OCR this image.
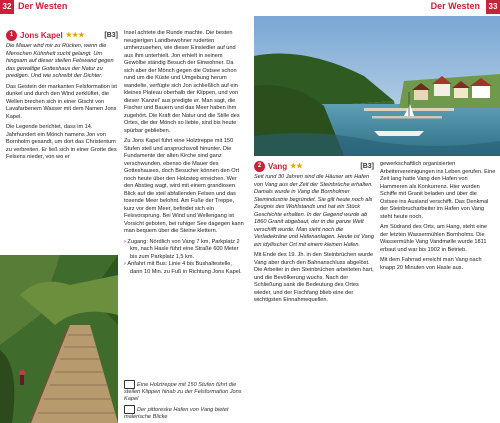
32 Der Westen	Der Westen	33
1 Jons Kapel ★★★	[B3]

Die Mauer wird mir zu Rücken, wenn die Menschen Kühnheit sucht gelangt. Um hingsam auf dieser steilen Felswand gegen das gewaltige Gotteshaus der Natur zu predigen. Und wie schreibt der Dichter.

Das Gestein der markanten Felsformation ist dunkel und durch den Wind zerklüftet, die Wellen brechen sich in einer Gischt von Lavafarbenem Wasser mit dem Namen Jons Kapel.

Die Legende berichtet, dass im 14. Jahrhundert ein Mönch namens Jon von Bornholm gesandt, um dort das Christentum zu verbreiten. Er ließ sich in einer Grotte des Felsens nieder, von wo er

Insel achtete die Runde machte. Die besten neugierigen Landbewohner ruderten umherzusehen, wie dieser Einsiedler auf und aus ihm unterhielt. Jon erhielt in seinem Gewölbe ständig Besuch der Einwohner. Da sich aber der Mönch gegen die Ostsee schon rund um die Küste und Umgebung herum wandelte, verfügte sich Jon schließlich auf ein kleines Plateau oberhalb der Klippen, und von dieser 'Kanzel' aus predigte er. Man sagt, die Fischer und Bauern und das Meer haben ihm zugehört. Die Kraft der Natur und die Stille des Ortes, die der Mönch so liebte, sind bis heute spürbar geblieben.

Zu Jons Kapel führt eine Holztreppe mit 150 Stufen steil und anspruchsvoll hinunter. Die Fundamente der alten Kirche sind ganz verschwunden, ebenso die Mauer des Gotteshauses, doch Besucher können den Ort noch heute über den Holzsteg erreichen. Wer den Abstieg wagt, wird mit einem grandiosen Blick auf die steil abfallenden Felsen und das tosende Meer belohnt. Am Fuße der Treppe, kurz vor dem Meer, befindet sich ein Felsvorsprung. Bei Wind und Wellengang ist Vorsicht geboten, bei ruhiger See dagegen kann man bequem über die Steine klettern.

› Zugang: Nördlich von Vang 7 km, Parkplatz 2 km, nach Hasle führt eine Straße 600 Meter bis zum Parkplatz 1,5 km.
› Anfahrt mit Bus: Linie 4 bis Bushaltestelle, dann 10 Min. zu Fuß in Richtung Jons Kapel.
Eine Holztreppe mit 150 Stufen führt die steilen Klippen hinab zu der Felsformation Jons Kapel
Der pittoreske Hafen von Vang bietet malerische Blicke
2 Vang ★★	[B3]

Seit rund 30 Jahren sind die Häuser am Hafen von Vang aus der Zeit der Steinbrüche erhalten. Damals wurde in Vang die Bornholmer Steinindustrie begründet. Sie gilt heute noch als Zeugnis des Wohlstands und hat ein Stück Geschichte erhalten. In der Gegend wurde ab 1860 Granit abgebaut, der in die ganze Welt verschifft wurde. Man sieht noch die Verladekräne und Hafenanlagen. Heute ist Vang ein idyllischer Ort mit einem kleinen Hafen.

Mit Ende des 19. Jh. in den Steinbrüchen wurde Vang aber durch den Bahnanschluss abgelöst. Die Arbeiter in den Steinbrüchen arbeiteten hart, und die Bevölkerung wuchs. Nach der Schließung sank die Bedeutung des Ortes wieder, und der Fischfang blieb eine der wichtigsten Einnahmequellen.

gewerkschaftlich organisierten Arbeitervereinigungen ins Leben gerufen. Eine Zeit lang hatte Vang den Hafen von Hammeren als Konkurrenz. Hier wurden Schiffe mit Granit beladen und über die Ostsee ins Ausland verschifft. Das Denkmal der Steinbrucharbeiter im Hafen von Vang steht heute noch.

Am Südrand des Orts, am Hang, steht eine der letzten Wassermühlen Bornholms. Die Wassermühle Vang Vandmølle wurde 1811 erbaut und war bis 1902 in Betrieb.

Mit dem Fahrrad erreicht man Vang nach knapp 20 Minuten von Hasle aus.
